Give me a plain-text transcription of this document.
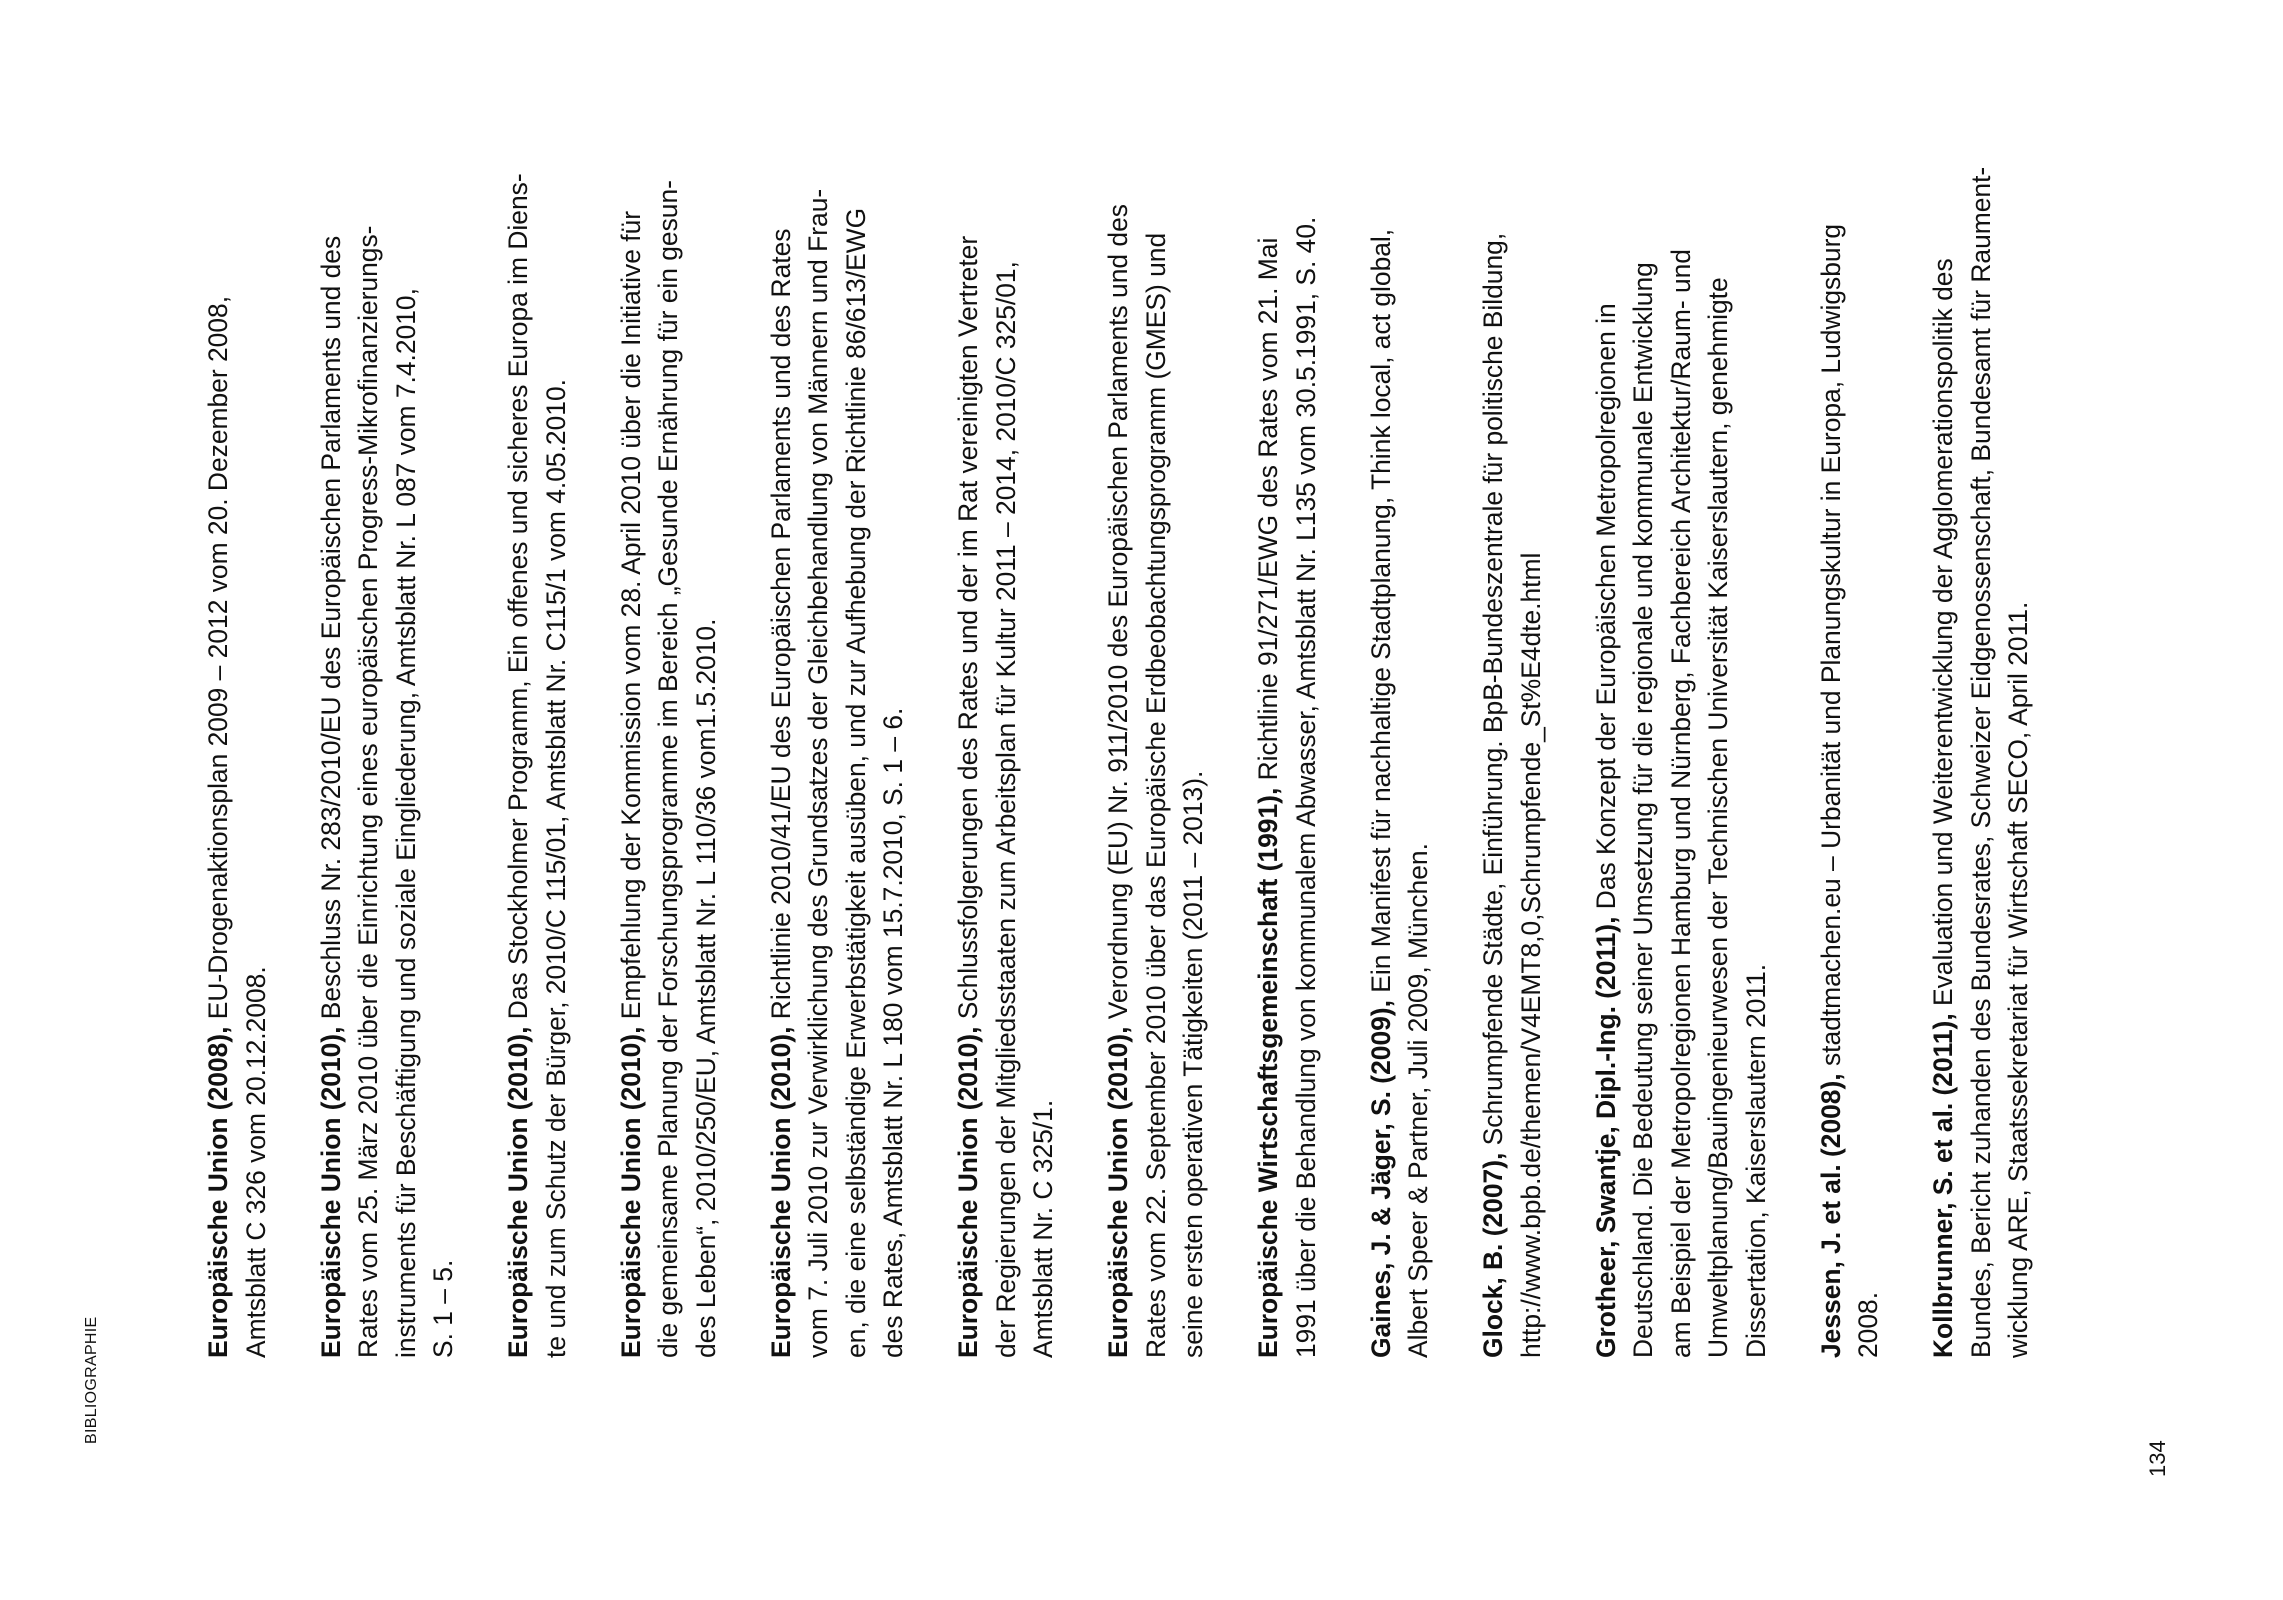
BIBLIOGRAPHIE
Europäische Union (2008), EU-Drogenaktionsplan 2009 – 2012 vom 20. Dezember 2008,
Amtsblatt C 326 vom 20.12.2008. Europäische Union (2010), Beschluss Nr. 283/2010/EU des Europäischen Parlaments und des Rates vom 25. März 2010 über die Einrichtung eines europäischen Progress-Mikrofinanzierungs- instruments für Beschäftigung und soziale Eingliederung, Amtsblatt Nr. L 087 vom 7.4.2010, S. 1 – 5. Europäische Union (2010), Das Stockholmer Programm, Ein offenes und sicheres Europa im Diens- te und zum Schutz der Bürger, 2010/C 115/01, Amtsblatt Nr. C115/1 vom 4.05.2010. Europäische Union (2010), Empfehlung der Kommission vom 28. April 2010 über die Initiative für die gemeinsame Planung der Forschungsprogramme im Bereich „Gesunde Ernährung für ein gesun- des Leben“, 2010/250/EU, Amtsblatt Nr. L 110/36 vom1.5.2010. Europäische Union (2010), Richtlinie 2010/41/EU des Europäischen Parlaments und des Rates vom 7. Juli 2010 zur Verwirklichung des Grundsatzes der Gleichbehandlung von Männern und Frau- en, die eine selbständige Erwerbstätigkeit ausüben, und zur Aufhebung der Richtlinie 86/613/EWG des Rates, Amtsblatt Nr. L 180 vom 15.7.2010, S. 1 – 6. Europäische Union (2010), Schlussfolgerungen des Rates und der im Rat vereinigten Vertreter der Regierungen der Mitgliedsstaaten zum Arbeitsplan für Kultur 2011 – 2014, 2010/C 325/01, Amtsblatt Nr. C 325/1. Europäische Union (2010), Verordnung (EU) Nr. 911/2010 des Europäischen Parlaments und des Rates vom 22. September 2010 über das Europäische Erdbeobachtungsprogramm (GMES) und seine ersten operativen Tätigkeiten (2011 – 2013). Europäische Wirtschaftsgemeinschaft (1991), Richtlinie 91/271/EWG des Rates vom 21. Mai 1991 über die Behandlung von kommunalem Abwasser, Amtsblatt Nr. L135 vom 30.5.1991, S. 40. Gaines, J. & Jäger, S. (2009), Ein Manifest für nachhaltige Stadtplanung, Think local, act global,
Albert Speer & Partner, Juli 2009, München. Glock, B. (2007), Schrumpfende Städte, Einführung. BpB-Bundeszentrale für politische Bildung, http://www.bpb.de/themen/V4EMT8,0,Schrumpfende_St%E4dte.html Grotheer, Swantje, Dipl.-Ing. (2011), Das Konzept der Europäischen Metropolregionen in Deutschland. Die Bedeutung seiner Umsetzung für die regionale und kommunale Entwicklung am Beispiel der Metropolregionen Hamburg und Nürnberg, Fachbereich Architektur/Raum- und Umweltplanung/Bauingenieurwesen der Technischen Universität Kaiserslautern, genehmigte Dissertation, Kaiserslautern 2011. Jessen, J. et al. (2008), stadtmachen.eu – Urbanität und Planungskultur in Europa, Ludwigsburg
2008. Kollbrunner, S. et al. (2011), Evaluation und Weiterentwicklung der Agglomerationspolitik des Bundes, Bericht zuhanden des Bundesrates, Schweizer Eidgenossenschaft, Bundesamt für Raument- wicklung ARE, Staatssekretariat für Wirtschaft SECO, April 2011.
134
